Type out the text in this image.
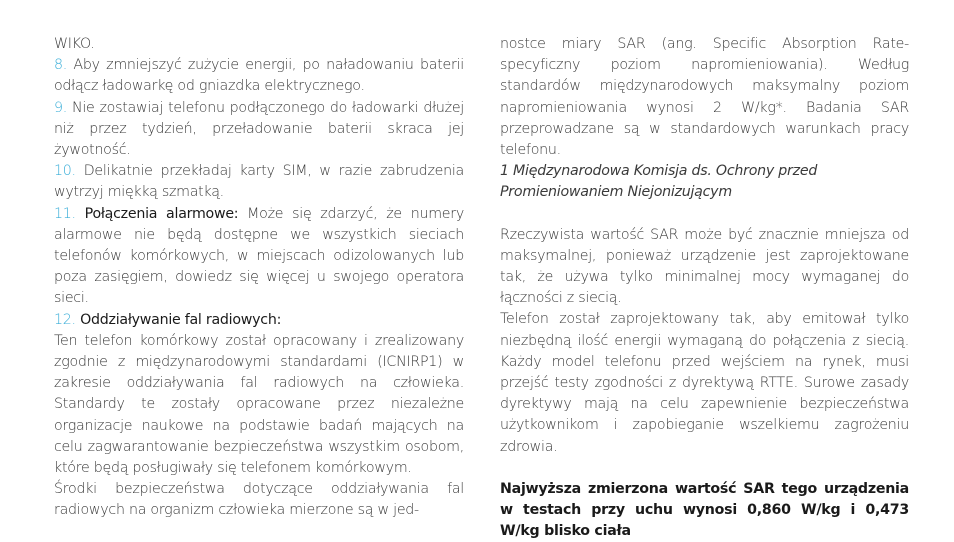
WIKO.

8. Aby zmniejszyć zużycie energii, po naładowaniu baterii odłącz ładowarkę od gniazdka elektrycznego.

9. Nie zostawiaj telefonu podłączonego do ładowarki dłużej niż przez tydzień, przeładowanie baterii skraca jej żywotność.

10. Delikatnie przekładaj karty SIM, w razie zabrudzenia wytrzyj miękką szmatką.

11. Połączenia alarmowe: Może się zdarzyć, że numery alarmowe nie będą dostępne we wszystkich sieciach telefonów komórkowych, w miejscach odizolowanych lub poza zasięgiem, dowiedz się więcej u swojego operatora sieci.

12. Oddziaływanie fal radiowych:

Ten telefon komórkowy został opracowany i zrealizowany zgodnie z międzynarodowymi standardami (ICNIRP1) w zakresie oddziaływania fal radiowych na człowieka. Standardy te zostały opracowane przez niezależne organizacje naukowe na podstawie badań mających na celu zagwarantowanie bezpieczeństwa wszystkim osobom, które będą posługiwały się telefonem komórkowym.

Środki bezpieczeństwa dotyczące oddziaływania fal radiowych na organizm człowieka mierzone są w jed-

nostce miary SAR (ang. Specific Absorption Rate-specyficzny poziom napromieniowania). Według standardów międzynarodowych maksymalny poziom napromieniowania wynosi 2 W/kg*. Badania SAR przeprowadzane są w standardowych warunkach pracy telefonu.

1 Międzynarodowa Komisja ds. Ochrony przed
Promieniowaniem Niejonizującym

Rzeczywista wartość SAR może być znacznie mniejsza od maksymalnej, ponieważ urządzenie jest zaprojektowane tak, że używa tylko minimalnej mocy wymaganej do łączności z siecią.

Telefon został zaprojektowany tak, aby emitował tylko niezbędną ilość energii wymaganą do połączenia z siecią. Każdy model telefonu przed wejściem na rynek, musi przejść testy zgodności z dyrektywą RTTE. Surowe zasady dyrektywy mają na celu zapewnienie bezpieczeństwa użytkownikom i zapobieganie wszelkiemu zagrożeniu zdrowia.

Najwyższa zmierzona wartość SAR tego urządzenia w testach przy uchu wynosi 0,860 W/kg i 0,473 W/kg blisko ciała
